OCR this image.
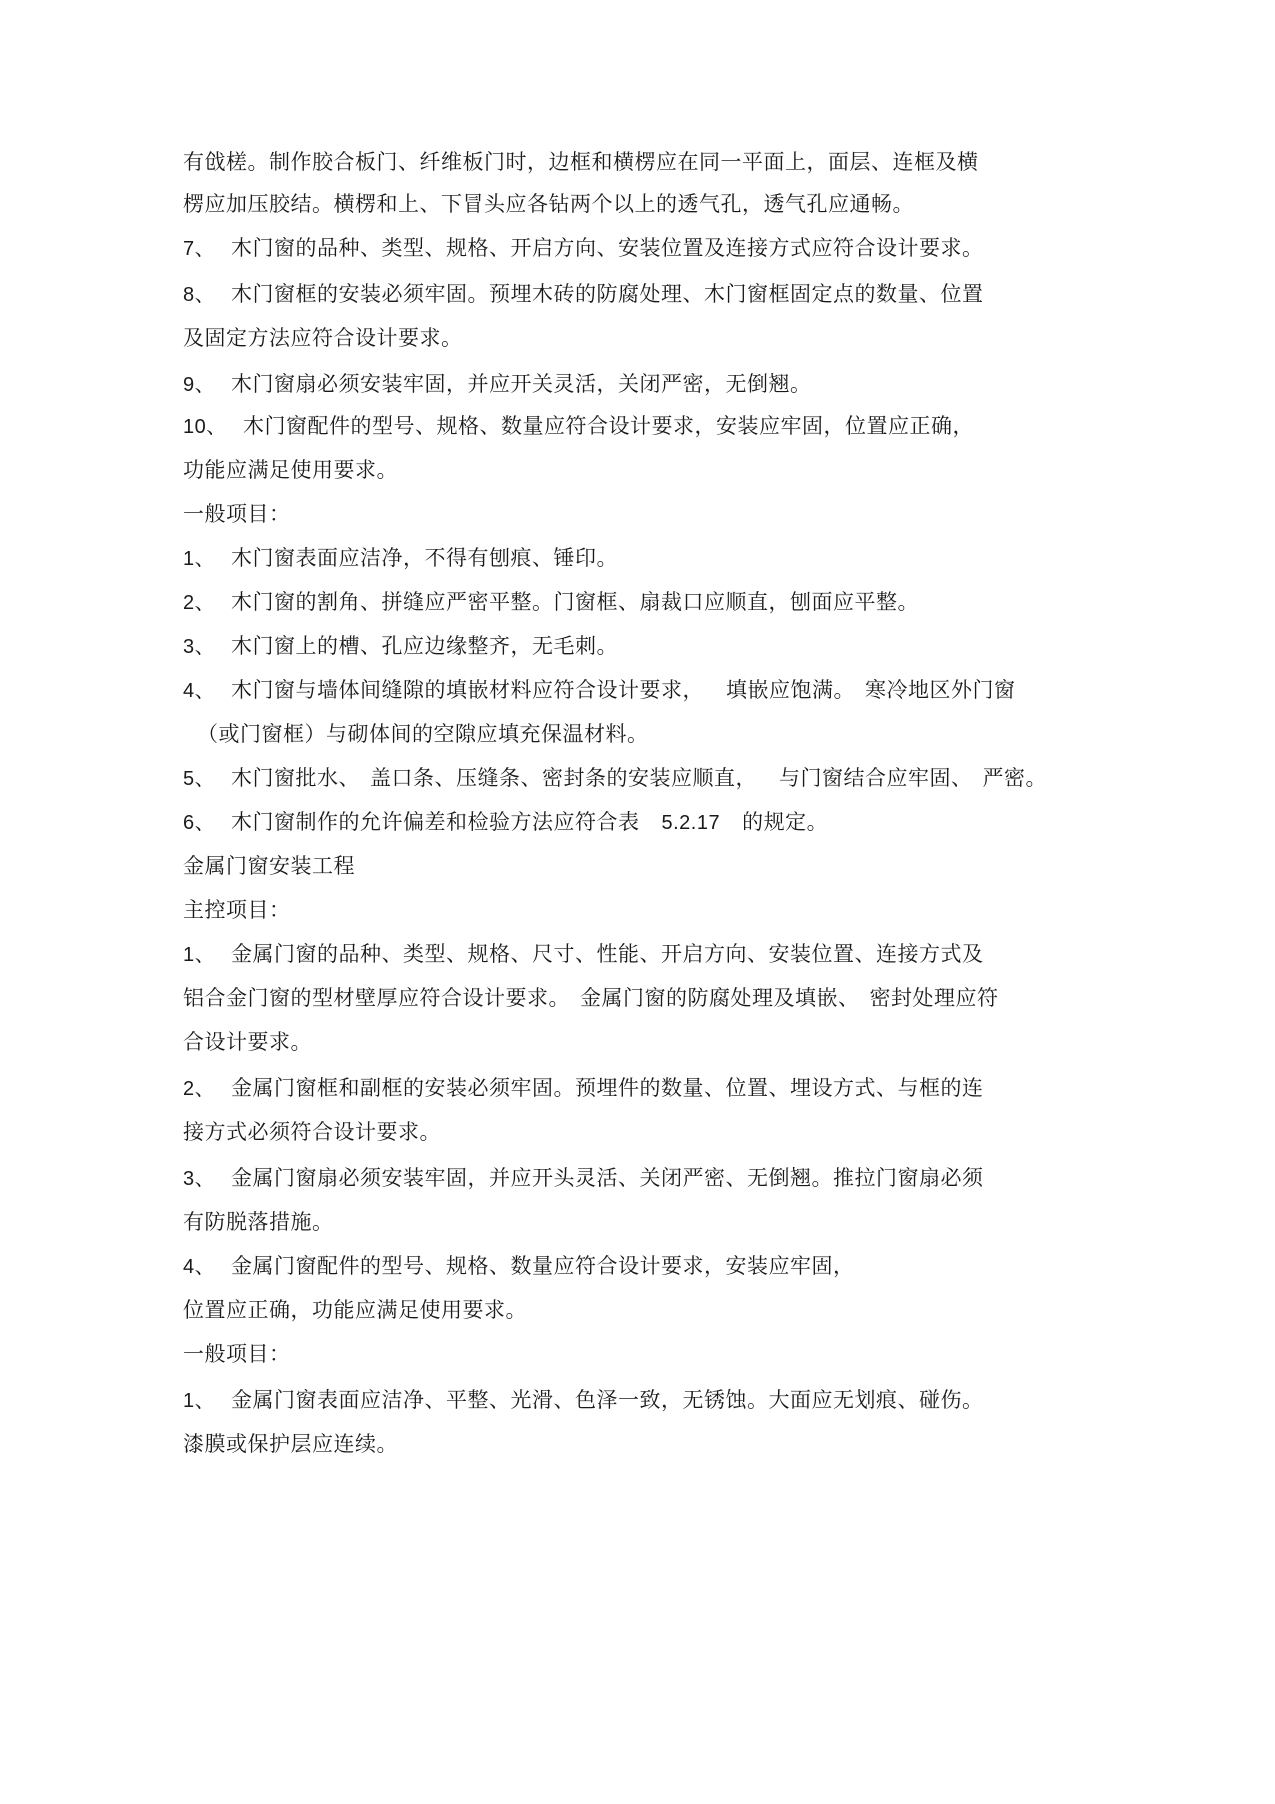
有戗槎。制作胶合板门、纤维板门时，边框和横楞应在同一平面上，面层、连框及横
楞应加压胶结。横楞和上、下冒头应各钻两个以上的透气孔，透气孔应通畅。
7、 木门窗的品种、类型、规格、开启方向、安装位置及连接方式应符合设计要求。
8、 木门窗框的安装必须牢固。预埋木砖的防腐处理、木门窗框固定点的数量、位置
及固定方法应符合设计要求。
9、 木门窗扇必须安装牢固，并应开关灵活，关闭严密，无倒翘。
10、 木门窗配件的型号、规格、数量应符合设计要求，安装应牢固，位置应正确，
功能应满足使用要求。
一般项目：
1、 木门窗表面应洁净，不得有刨痕、锤印。
2、 木门窗的割角、拼缝应严密平整。门窗框、扇裁口应顺直，刨面应平整。
3、 木门窗上的槽、孔应边缘整齐，无毛刺。
4、 木门窗与墙体间缝隙的填嵌材料应符合设计要求， 填嵌应饱满。 寒冷地区外门窗
（或门窗框）与砌体间的空隙应填充保温材料。
5、 木门窗批水、 盖口条、压缝条、密封条的安装应顺直， 与门窗结合应牢固、 严密。
6、 木门窗制作的允许偏差和检验方法应符合表 5.2.17 的规定。
金属门窗安装工程
主控项目：
1、 金属门窗的品种、类型、规格、尺寸、性能、开启方向、安装位置、连接方式及
铝合金门窗的型材壁厚应符合设计要求。 金属门窗的防腐处理及填嵌、 密封处理应符
合设计要求。
2、 金属门窗框和副框的安装必须牢固。预埋件的数量、位置、埋设方式、与框的连
接方式必须符合设计要求。
3、 金属门窗扇必须安装牢固，并应开头灵活、关闭严密、无倒翘。推拉门窗扇必须
有防脱落措施。
4、 金属门窗配件的型号、规格、数量应符合设计要求，安装应牢固，
位置应正确，功能应满足使用要求。
一般项目：
1、 金属门窗表面应洁净、平整、光滑、色泽一致，无锈蚀。大面应无划痕、碰伤。
漆膜或保护层应连续。
